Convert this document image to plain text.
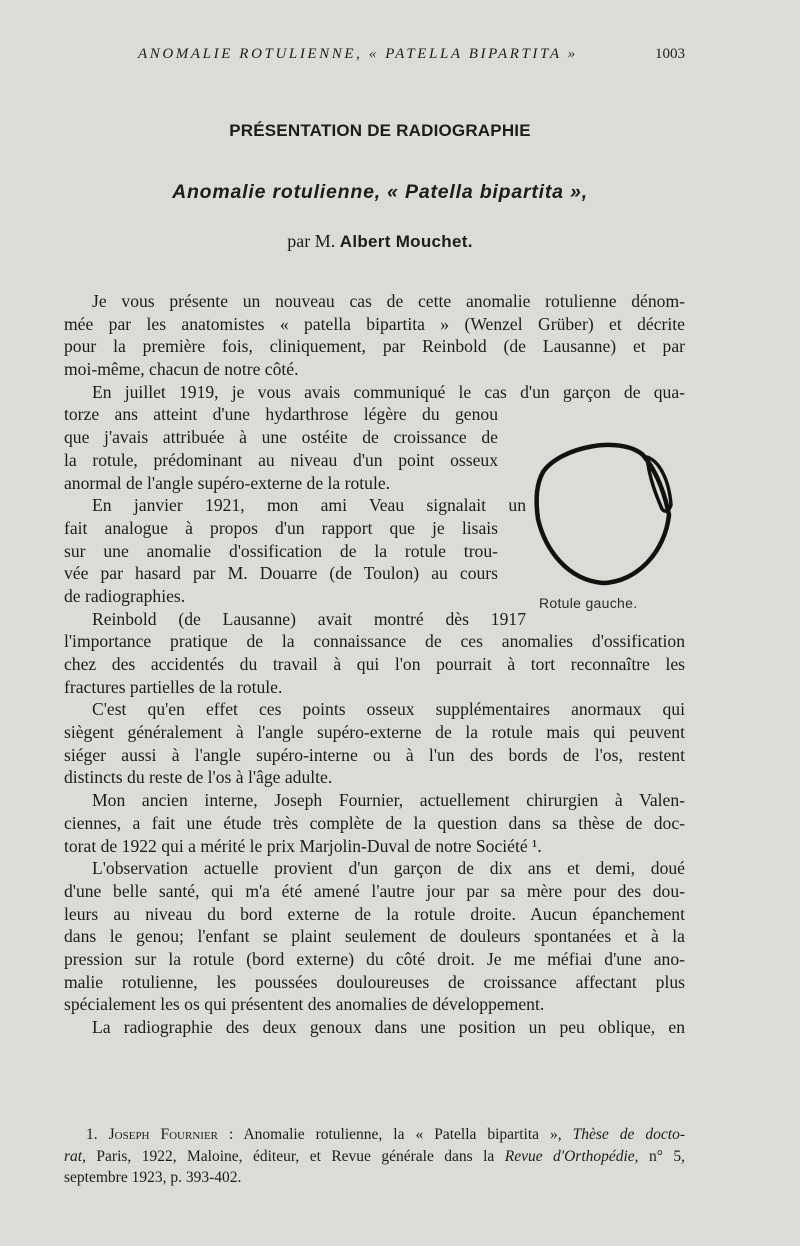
ANOMALIE ROTULIENNE, « PATELLA BIPARTITA »	1003
PRÉSENTATION DE RADIOGRAPHIE
Anomalie rotulienne, « Patella bipartita »,
par M. Albert Mouchet.
Je vous présente un nouveau cas de cette anomalie rotulienne dénom-
mée par les anatomistes « patella bipartita » (Wenzel Grüber) et décrite
pour la première fois, cliniquement, par Reinbold (de Lausanne) et par
moi-même, chacun de notre côté.
En juillet 1919, je vous avais communiqué le cas d'un garçon de qua-
torze ans atteint d'une hydarthrose légère du genou
que j'avais attribuée à une ostéite de croissance de
la rotule, prédominant au niveau d'un point osseux
anormal de l'angle supéro-externe de la rotule.
En janvier 1921, mon ami Veau signalait un
fait analogue à propos d'un rapport que je lisais
sur une anomalie d'ossification de la rotule trou-
vée par hasard par M. Douarre (de Toulon) au cours
de radiographies.
Reinbold (de Lausanne) avait montré dès 1917
l'importance pratique de la connaissance de ces anomalies d'ossification
chez des accidentés du travail à qui l'on pourrait à tort reconnaître les
fractures partielles de la rotule.
C'est qu'en effet ces points osseux supplémentaires anormaux qui
siègent généralement à l'angle supéro-externe de la rotule mais qui peuvent
siéger aussi à l'angle supéro-interne ou à l'un des bords de l'os, restent
distincts du reste de l'os à l'âge adulte.
Mon ancien interne, Joseph Fournier, actuellement chirurgien à Valen-
ciennes, a fait une étude très complète de la question dans sa thèse de doc-
torat de 1922 qui a mérité le prix Marjolin-Duval de notre Société ¹.
L'observation actuelle provient d'un garçon de dix ans et demi, doué
d'une belle santé, qui m'a été amené l'autre jour par sa mère pour des dou-
leurs au niveau du bord externe de la rotule droite. Aucun épanchement
dans le genou; l'enfant se plaint seulement de douleurs spontanées et à la
pression sur la rotule (bord externe) du côté droit. Je me méfiai d'une ano-
malie rotulienne, les poussées douloureuses de croissance affectant plus
spécialement les os qui présentent des anomalies de développement.
La radiographie des deux genoux dans une position un peu oblique, en
Rotule gauche.
1. Joseph Fournier : Anomalie rotulienne, la « Patella bipartita », Thèse de docto-
rat, Paris, 1922, Maloine, éditeur, et Revue générale dans la Revue d'Orthopédie, n° 5,
septembre 1923, p. 393-402.
